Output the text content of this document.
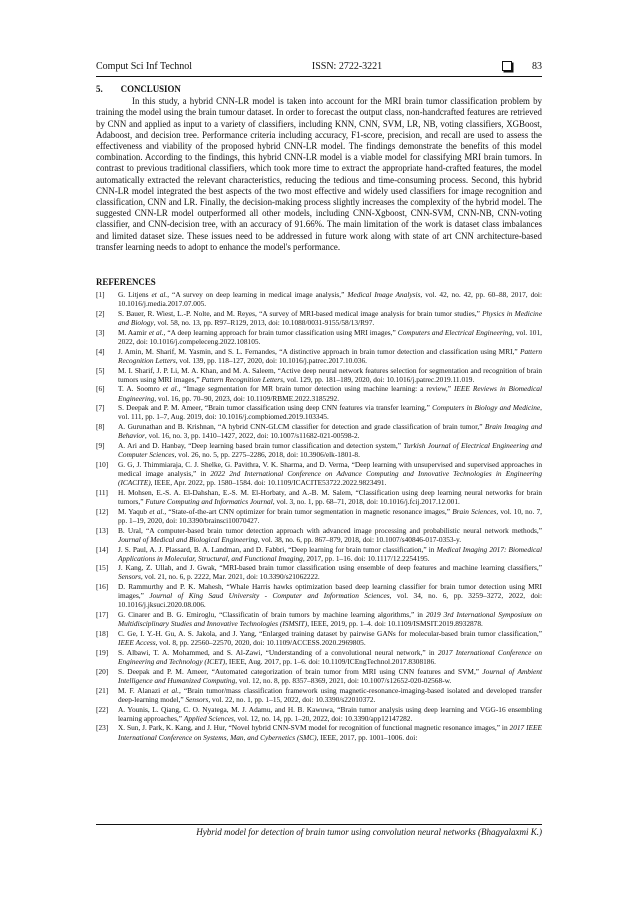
Comput Sci Inf Technol	ISSN: 2722-3221	83
5. CONCLUSION

In this study, a hybrid CNN-LR model is taken into account for the MRI brain tumor classification problem by training the model using the brain tumour dataset. In order to forecast the output class, non-handcrafted features are retrieved by CNN and applied as input to a variety of classifiers, including KNN, CNN, SVM, LR, NB, voting classifiers, XGBoost, Adaboost, and decision tree. Performance criteria including accuracy, F1-score, precision, and recall are used to assess the effectiveness and viability of the proposed hybrid CNN-LR model. The findings demonstrate the benefits of this model combination. According to the findings, this hybrid CNN-LR model is a viable model for classifying MRI brain tumors. In contrast to previous traditional classifiers, which took more time to extract the appropriate hand-crafted features, the model automatically extracted the relevant characteristics, reducing the tedious and time-consuming process. Second, this hybrid CNN-LR model integrated the best aspects of the two most effective and widely used classifiers for image recognition and classification, CNN and LR. Finally, the decision-making process slightly increases the complexity of the hybrid model. The suggested CNN-LR model outperformed all other models, including CNN-Xgboost, CNN-SVM, CNN-NB, CNN-voting classifier, and CNN-decision tree, with an accuracy of 91.66%. The main limitation of the work is dataset class imbalances and limited dataset size. These issues need to be addressed in future work along with state of art CNN architecture-based transfer learning needs to adopt to enhance the model's performance.

REFERENCES
[1]	G. Litjens et al., “A survey on deep learning in medical image analysis,” Medical Image Analysis, vol. 42, no. 42, pp. 60–88, 2017, doi: 10.1016/j.media.2017.07.005.
[2]	S. Bauer, R. Wiest, L.-P. Nolte, and M. Reyes, “A survey of MRI-based medical image analysis for brain tumor studies,” Physics in Medicine and Biology, vol. 58, no. 13, pp. R97–R129, 2013, doi: 10.1088/0031-9155/58/13/R97.
[3]	M. Aamir et al., “A deep learning approach for brain tumor classification using MRI images,” Computers and Electrical Engineering, vol. 101, 2022, doi: 10.1016/j.compeleceng.2022.108105.
[4]	J. Amin, M. Sharif, M. Yasmin, and S. L. Fernandes, “A distinctive approach in brain tumor detection and classification using MRI,” Pattern Recognition Letters, vol. 139, pp. 118–127, 2020, doi: 10.1016/j.patrec.2017.10.036.
[5]	M. I. Sharif, J. P. Li, M. A. Khan, and M. A. Saleem, “Active deep neural network features selection for segmentation and recognition of brain tumors using MRI images,” Pattern Recognition Letters, vol. 129, pp. 181–189, 2020, doi: 10.1016/j.patrec.2019.11.019.
[6]	T. A. Soomro et al., “Image segmentation for MR brain tumor detection using machine learning: a review,” IEEE Reviews in Biomedical Engineering, vol. 16, pp. 70–90, 2023, doi: 10.1109/RBME.2022.3185292.
[7]	S. Deepak and P. M. Ameer, “Brain tumor classification using deep CNN features via transfer learning,” Computers in Biology and Medicine, vol. 111, pp. 1–7, Aug. 2019, doi: 10.1016/j.compbiomed.2019.103345.
[8]	A. Gurunathan and B. Krishnan, “A hybrid CNN-GLCM classifier for detection and grade classification of brain tumor,” Brain Imaging and Behavior, vol. 16, no. 3, pp. 1410–1427, 2022, doi: 10.1007/s11682-021-00598-2.
[9]	A. Ari and D. Hanbay, “Deep learning based brain tumor classification and detection system,” Turkish Journal of Electrical Engineering and Computer Sciences, vol. 26, no. 5, pp. 2275–2286, 2018, doi: 10.3906/elk-1801-8.
[10]	G. G, J. Thimmiaraja, C. J. Shelke, G. Pavithra, V. K. Sharma, and D. Verma, “Deep learning with unsupervised and supervised approaches in medical image analysis,” in 2022 2nd International Conference on Advance Computing and Innovative Technologies in Engineering (ICACITE), IEEE, Apr. 2022, pp. 1580–1584. doi: 10.1109/ICACITE53722.2022.9823491.
[11]	H. Mohsen, E.-S. A. El-Dahshan, E.-S. M. El-Horbaty, and A.-B. M. Salem, “Classification using deep learning neural networks for brain tumors,” Future Computing and Informatics Journal, vol. 3, no. 1, pp. 68–71, 2018, doi: 10.1016/j.fcij.2017.12.001.
[12]	M. Yaqub et al., “State-of-the-art CNN optimizer for brain tumor segmentation in magnetic resonance images,” Brain Sciences, vol. 10, no. 7, pp. 1–19, 2020, doi: 10.3390/brainsci10070427.
[13]	B. Ural, “A computer-based brain tumor detection approach with advanced image processing and probabilistic neural network methods,” Journal of Medical and Biological Engineering, vol. 38, no. 6, pp. 867–879, 2018, doi: 10.1007/s40846-017-0353-y.
[14]	J. S. Paul, A. J. Plassard, B. A. Landman, and D. Fabbri, “Deep learning for brain tumor classification,” in Medical Imaging 2017: Biomedical Applications in Molecular, Structural, and Functional Imaging, 2017, pp. 1–16. doi: 10.1117/12.2254195.
[15]	J. Kang, Z. Ullah, and J. Gwak, “MRI-based brain tumor classification using ensemble of deep features and machine learning classifiers,” Sensors, vol. 21, no. 6, p. 2222, Mar. 2021, doi: 10.3390/s21062222.
[16]	D. Rammurthy and P. K. Mahesh, “Whale Harris hawks optimization based deep learning classifier for brain tumor detection using MRI images,” Journal of King Saud University - Computer and Information Sciences, vol. 34, no. 6, pp. 3259–3272, 2022, doi: 10.1016/j.jksuci.2020.08.006.
[17]	G. Cinarer and B. G. Emiroglu, “Classificatin of brain tumors by machine learning algorithms,” in 2019 3rd International Symposium on Multidisciplinary Studies and Innovative Technologies (ISMSIT), IEEE, 2019, pp. 1–4. doi: 10.1109/ISMSIT.2019.8932878.
[18]	C. Ge, I. Y.-H. Gu, A. S. Jakola, and J. Yang, “Enlarged training dataset by pairwise GANs for molecular-based brain tumor classification,” IEEE Access, vol. 8, pp. 22560–22570, 2020, doi: 10.1109/ACCESS.2020.2969805.
[19]	S. Albawi, T. A. Mohammed, and S. Al-Zawi, “Understanding of a convolutional neural network,” in 2017 International Conference on Engineering and Technology (ICET), IEEE, Aug. 2017, pp. 1–6. doi: 10.1109/ICEngTechnol.2017.8308186.
[20]	S. Deepak and P. M. Ameer, “Automated categorization of brain tumor from MRI using CNN features and SVM,” Journal of Ambient Intelligence and Humanized Computing, vol. 12, no. 8, pp. 8357–8369, 2021, doi: 10.1007/s12652-020-02568-w.
[21]	M. F. Alanazi et al., “Brain tumor/mass classification framework using magnetic-resonance-imaging-based isolated and developed transfer deep-learning model,” Sensors, vol. 22, no. 1, pp. 1–15, 2022, doi: 10.3390/s22010372.
[22]	A. Younis, L. Qiang, C. O. Nyatega, M. J. Adamu, and H. B. Kawuwa, “Brain tumor analysis using deep learning and VGG-16 ensembling learning approaches,” Applied Sciences, vol. 12, no. 14, pp. 1–20, 2022, doi: 10.3390/app12147282.
[23]	X. Sun, J. Park, K. Kang, and J. Hur, “Novel hybrid CNN-SVM model for recognition of functional magnetic resonance images,” in 2017 IEEE International Conference on Systems, Man, and Cybernetics (SMC), IEEE, 2017, pp. 1001–1006. doi:
Hybrid model for detection of brain tumor using convolution neural networks (Bhagyalaxmi K.)
